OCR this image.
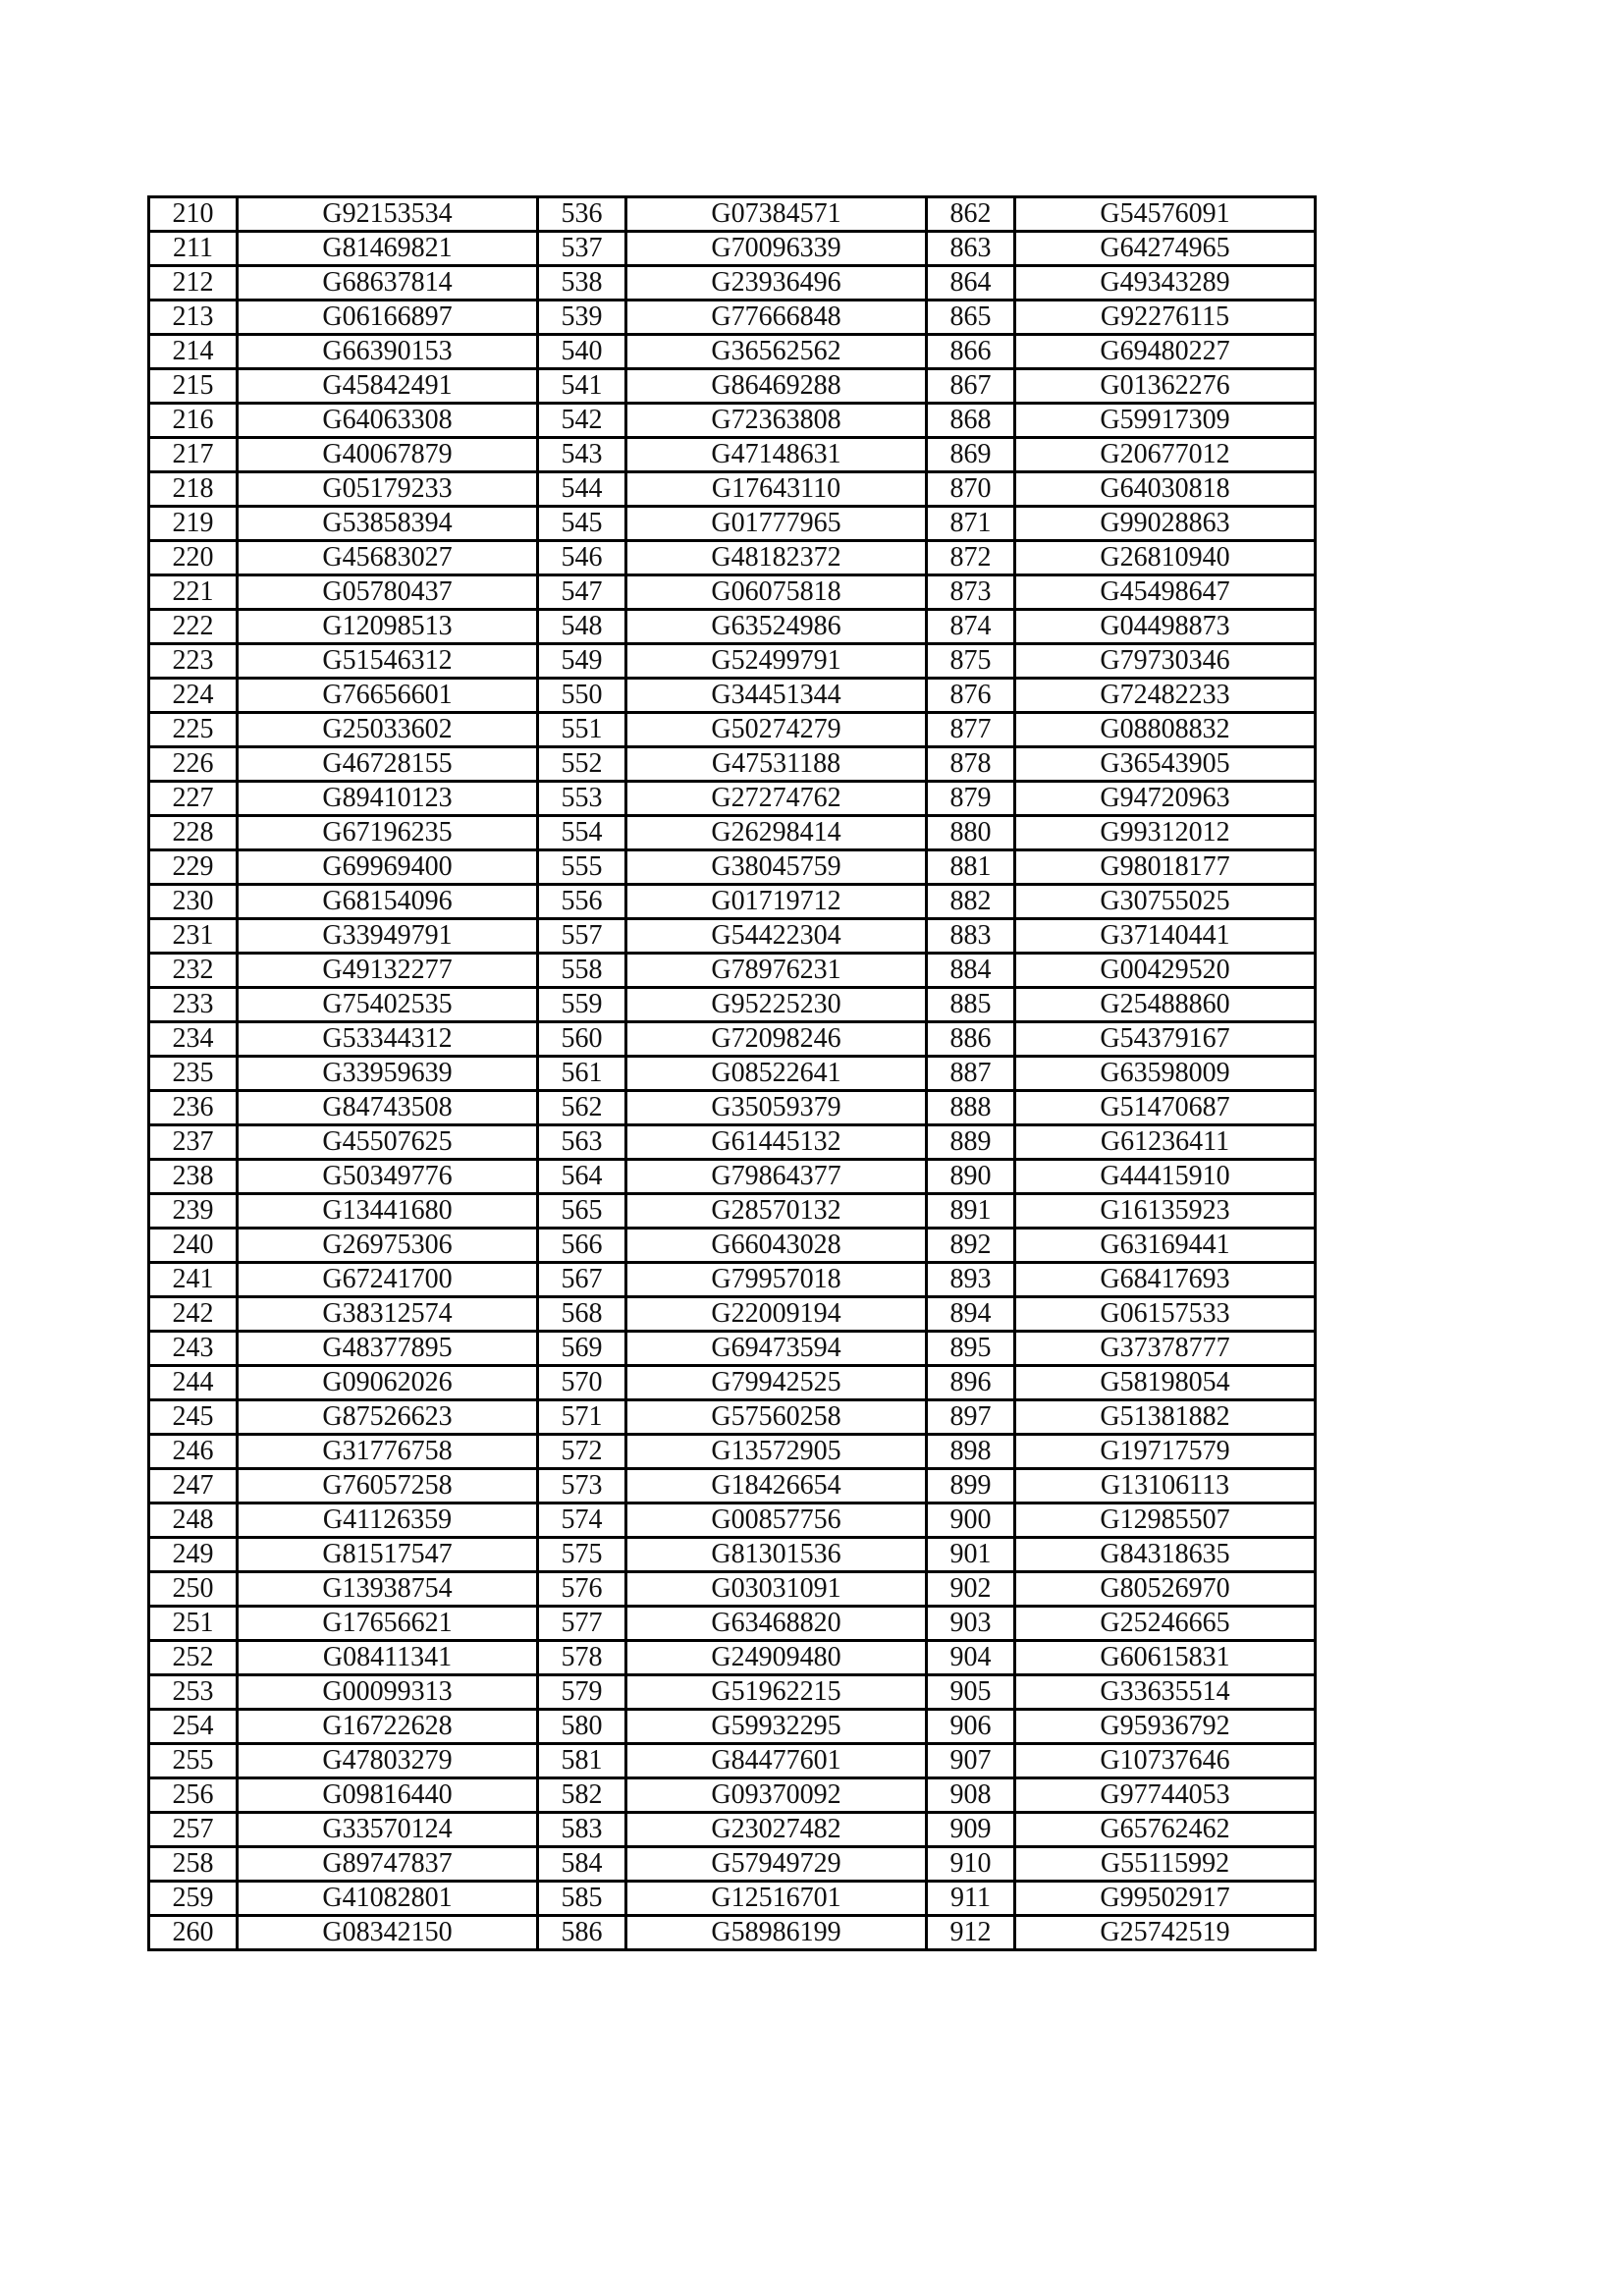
210	G92153534	536	G07384571	862	G54576091
211	G81469821	537	G70096339	863	G64274965
212	G68637814	538	G23936496	864	G49343289
213	G06166897	539	G77666848	865	G92276115
214	G66390153	540	G36562562	866	G69480227
215	G45842491	541	G86469288	867	G01362276
216	G64063308	542	G72363808	868	G59917309
217	G40067879	543	G47148631	869	G20677012
218	G05179233	544	G17643110	870	G64030818
219	G53858394	545	G01777965	871	G99028863
220	G45683027	546	G48182372	872	G26810940
221	G05780437	547	G06075818	873	G45498647
222	G12098513	548	G63524986	874	G04498873
223	G51546312	549	G52499791	875	G79730346
224	G76656601	550	G34451344	876	G72482233
225	G25033602	551	G50274279	877	G08808832
226	G46728155	552	G47531188	878	G36543905
227	G89410123	553	G27274762	879	G94720963
228	G67196235	554	G26298414	880	G99312012
229	G69969400	555	G38045759	881	G98018177
230	G68154096	556	G01719712	882	G30755025
231	G33949791	557	G54422304	883	G37140441
232	G49132277	558	G78976231	884	G00429520
233	G75402535	559	G95225230	885	G25488860
234	G53344312	560	G72098246	886	G54379167
235	G33959639	561	G08522641	887	G63598009
236	G84743508	562	G35059379	888	G51470687
237	G45507625	563	G61445132	889	G61236411
238	G50349776	564	G79864377	890	G44415910
239	G13441680	565	G28570132	891	G16135923
240	G26975306	566	G66043028	892	G63169441
241	G67241700	567	G79957018	893	G68417693
242	G38312574	568	G22009194	894	G06157533
243	G48377895	569	G69473594	895	G37378777
244	G09062026	570	G79942525	896	G58198054
245	G87526623	571	G57560258	897	G51381882
246	G31776758	572	G13572905	898	G19717579
247	G76057258	573	G18426654	899	G13106113
248	G41126359	574	G00857756	900	G12985507
249	G81517547	575	G81301536	901	G84318635
250	G13938754	576	G03031091	902	G80526970
251	G17656621	577	G63468820	903	G25246665
252	G08411341	578	G24909480	904	G60615831
253	G00099313	579	G51962215	905	G33635514
254	G16722628	580	G59932295	906	G95936792
255	G47803279	581	G84477601	907	G10737646
256	G09816440	582	G09370092	908	G97744053
257	G33570124	583	G23027482	909	G65762462
258	G89747837	584	G57949729	910	G55115992
259	G41082801	585	G12516701	911	G99502917
260	G08342150	586	G58986199	912	G25742519
